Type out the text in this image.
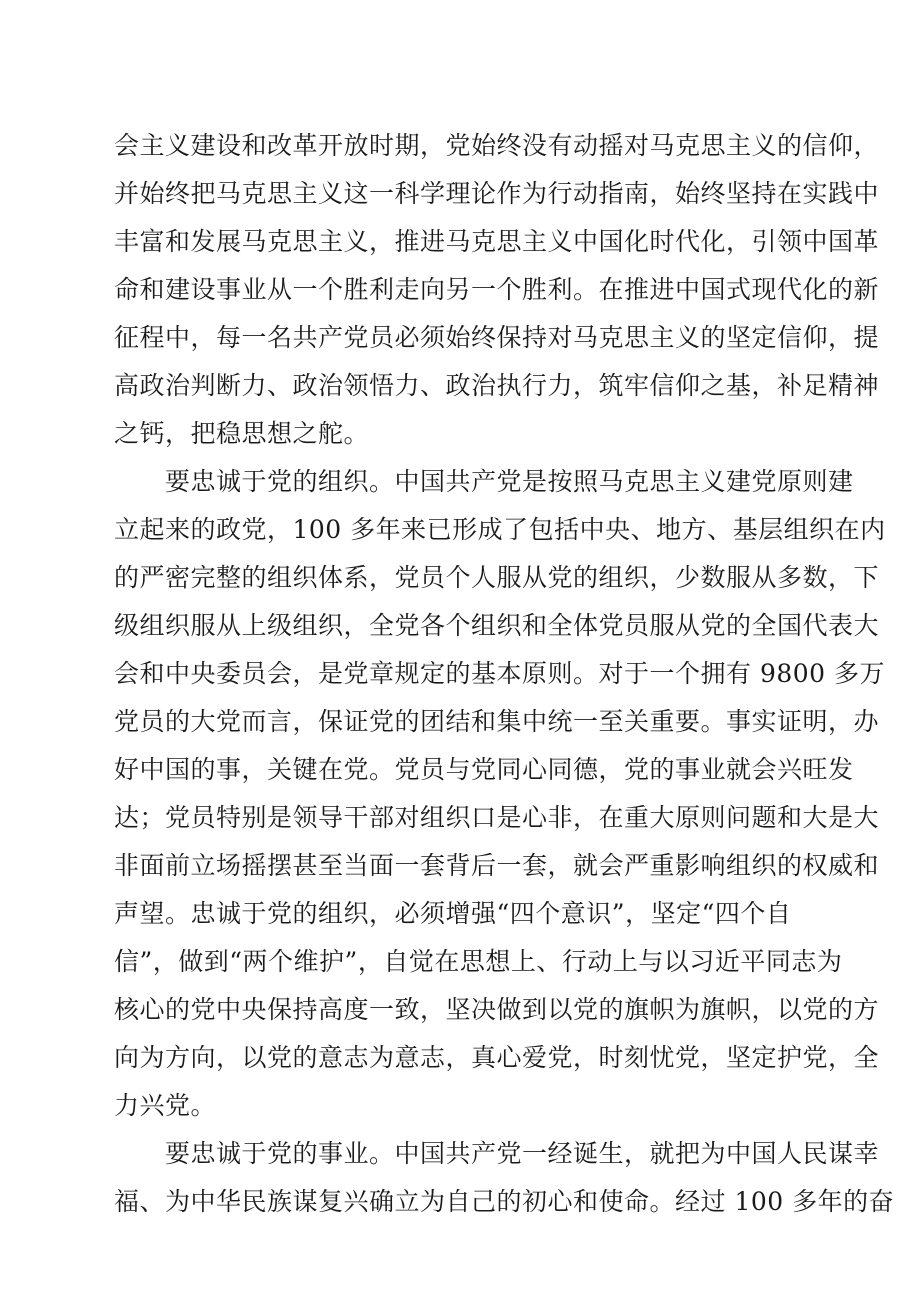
会主义建设和改革开放时期，党始终没有动摇对马克思主义的信仰，
并始终把马克思主义这一科学理论作为行动指南，始终坚持在实践中
丰富和发展马克思主义，推进马克思主义中国化时代化，引领中国革
命和建设事业从一个胜利走向另一个胜利。在推进中国式现代化的新
征程中，每一名共产党员必须始终保持对马克思主义的坚定信仰，提
高政治判断力、政治领悟力、政治执行力，筑牢信仰之基，补足精神
之钙，把稳思想之舵。
　　要忠诚于党的组织。中国共产党是按照马克思主义建党原则建
立起来的政党，100 多年来已形成了包括中央、地方、基层组织在内
的严密完整的组织体系，党员个人服从党的组织，少数服从多数，下
级组织服从上级组织，全党各个组织和全体党员服从党的全国代表大
会和中央委员会，是党章规定的基本原则。对于一个拥有 9800 多万
党员的大党而言，保证党的团结和集中统一至关重要。事实证明，办
好中国的事，关键在党。党员与党同心同德，党的事业就会兴旺发
达；党员特别是领导干部对组织口是心非，在重大原则问题和大是大
非面前立场摇摆甚至当面一套背后一套，就会严重影响组织的权威和
声望。忠诚于党的组织，必须增强“四个意识”，坚定“四个自
信”，做到“两个维护”，自觉在思想上、行动上与以习近平同志为
核心的党中央保持高度一致，坚决做到以党的旗帜为旗帜，以党的方
向为方向，以党的意志为意志，真心爱党，时刻忧党，坚定护党，全
力兴党。
　　要忠诚于党的事业。中国共产党一经诞生，就把为中国人民谋幸
福、为中华民族谋复兴确立为自己的初心和使命。经过 100 多年的奋
